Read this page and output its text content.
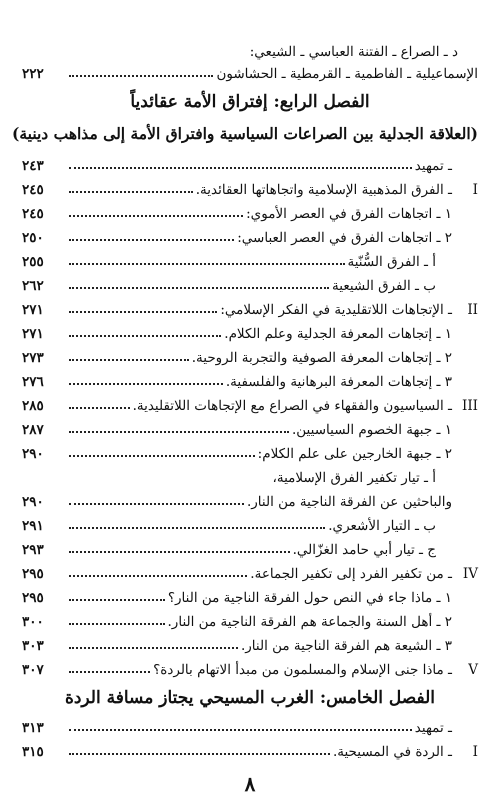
د ـ الصراع ـ الفتنة العباسي ـ الشيعي:
الإسماعيلية ـ الفاطمية ـ القرمطية ـ الحشاشون
٢٢٢
الفصل الرابع: إفتراق الأمة عقائدياً
(العلاقة الجدلية بين الصراعات السياسية وافتراق الأمة إلى مذاهب دينية)
ـ تمهيد
٢٤٣
I
ـ الفرق المذهبية الإسلامية واتجاهاتها العقائدية.
٢٤٥
١ ـ اتجاهات الفرق في العصر الأموي:
٢٤٥
٢ ـ اتجاهات الفرق في العصر العباسي:
٢٥٠
أ ـ الفرق السُّنّية
٢٥٥
ب ـ الفرق الشيعية
٢٦٢
II
ـ الإتجاهات اللاتقليدية في الفكر الإسلامي:
٢٧١
١ ـ إتجاهات المعرفة الجدلية وعلم الكلام.
٢٧١
٢ ـ إتجاهات المعرفة الصوفية والتجربة الروحية.
٢٧٣
٣ ـ إتجاهات المعرفة البرهانية والفلسفية.
٢٧٦
III
ـ السياسيون والفقهاء في الصراع مع الإتجاهات اللاتقليدية.
٢٨٥
١ ـ جبهة الخصوم السياسيين.
٢٨٧
٢ ـ جبهة الخارجين على علم الكلام:
٢٩٠
أ ـ تيار تكفير الفرق الإسلامية،
والباحثين عن الفرقة الناجية من النار.
٢٩٠
ب ـ التيار الأشعري.
٢٩١
ج ـ تيار أبي حامد الغزّالي.
٢٩٣
IV
ـ من تكفير الفرد إلى تكفير الجماعة.
٢٩٥
١ ـ ماذا جاء في النص حول الفرقة الناجية من النار؟
٢٩٥
٢ ـ أهل السنة والجماعة هم الفرقة الناجية من النار.
٣٠٠
٣ ـ الشيعة هم الفرقة الناجية من النار.
٣٠٣
V
ـ ماذا جنى الإسلام والمسلمون من مبدأ الاتهام بالردة؟
٣٠٧
الفصل الخامس: الغرب المسيحي يجتاز مسافة الردة
ـ تمهيد
٣١٣
I
ـ الردة في المسيحية.
٣١٥
٨
